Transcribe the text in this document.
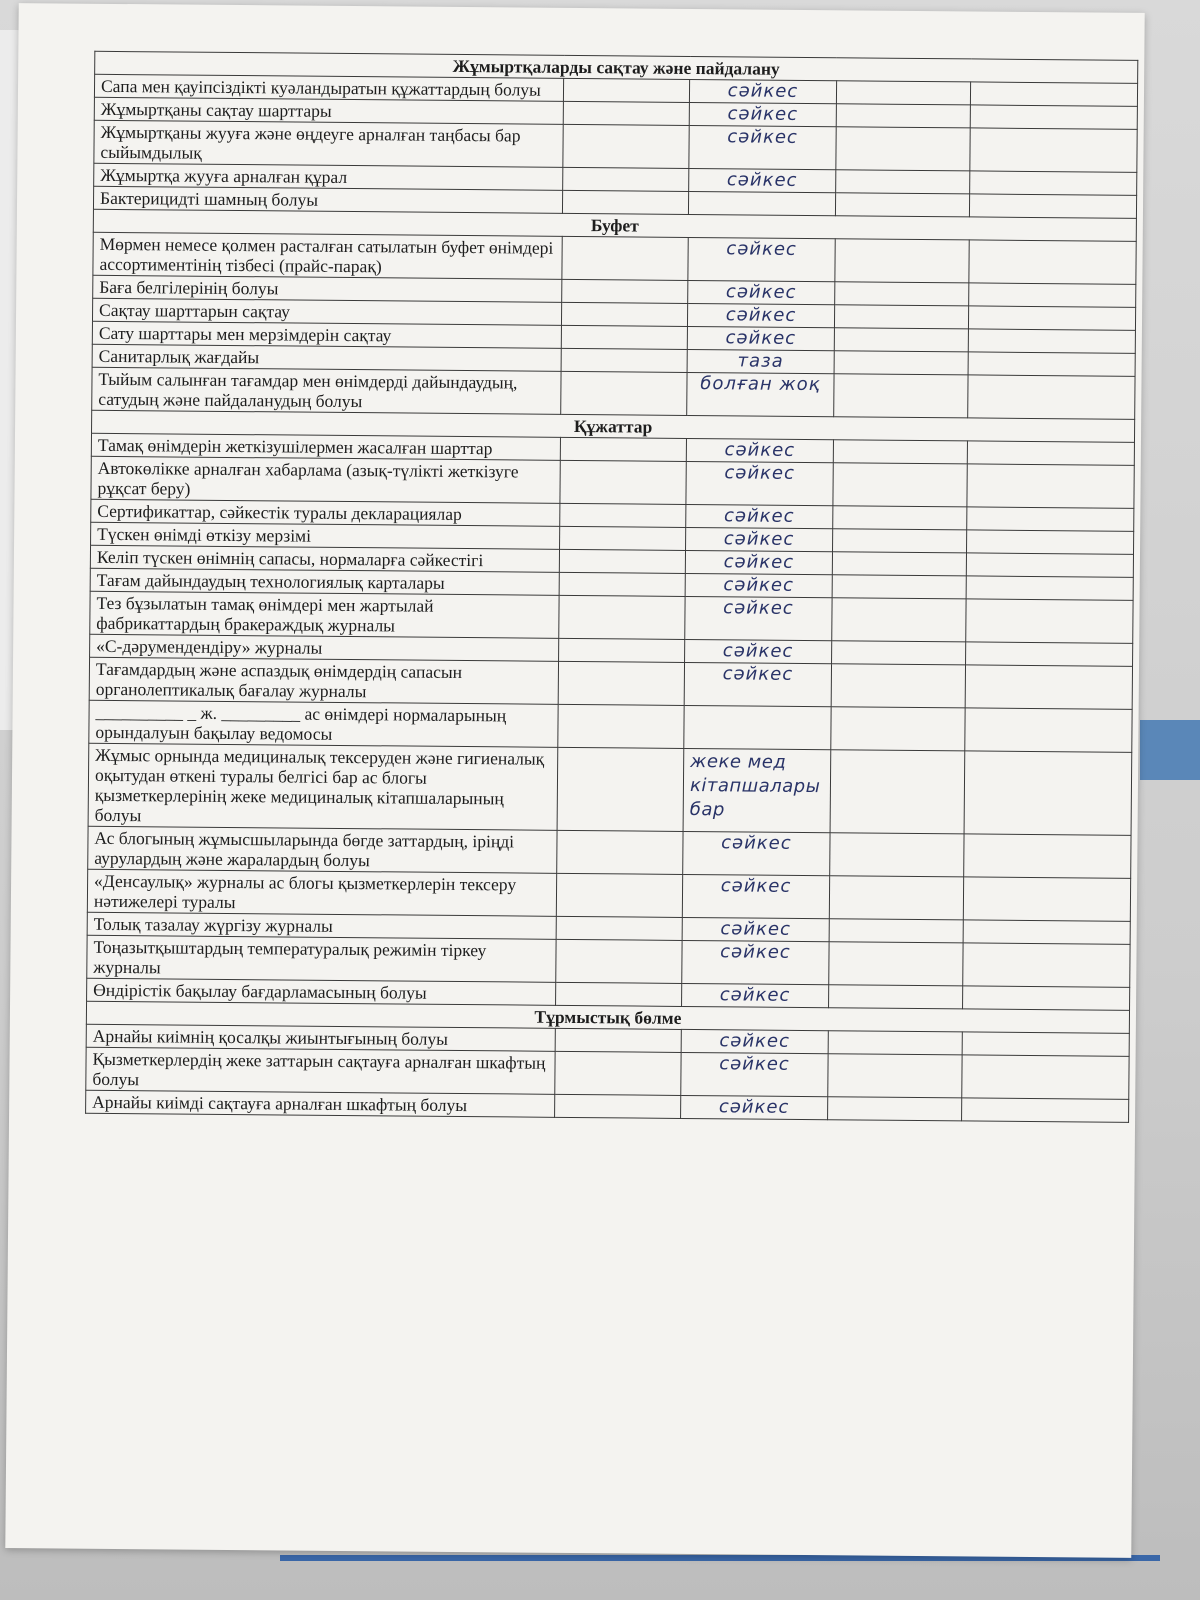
Жұмыртқаларды сақтау және пайдалану				
Сапа мен қауіпсіздікті куәландыратын құжаттардың болуы		сәйкес		

Жұмыртқаны сақтау шарттары		сәйкес		

Жұмыртқаны жууға және өңдеуге арналған таңбасы бар сыйымдылық		сәйкес		

Жұмыртқа жууға арналған құрал		сәйкес		

Бактерицидті шамның болуы		

Буфет				
Мөрмен немесе қолмен расталған сатылатын буфет өнімдері ассортиментінің тізбесі (прайс-парақ)		сәйкес		

Баға белгілерінің болуы		сәйкес		

Сақтау шарттарын сақтау		сәйкес		

Сату шарттары мен мерзімдерін сақтау		сәйкес		

Санитарлық жағдайы		таза		

Тыйым салынған тағамдар мен өнімдерді дайындаудың, сатудың және пайдаланудың болуы		болған жоқ		

Құжаттар				
Тамақ өнімдерін жеткізушілермен жасалған шарттар		сәйкес		

Автокөлікке арналған хабарлама (азық-түлікті жеткізуге рұқсат беру)		сәйкес		

Сертификаттар, сәйкестік туралы декларациялар		сәйкес		

Түскен өнімді өткізу мерзімі		сәйкес		

Келіп түскен өнімнің сапасы, нормаларға сәйкестігі		сәйкес		

Тағам дайындаудың технологиялық карталары		сәйкес		

Тез бұзылатын тамақ өнімдері мен жартылай фабрикаттардың бракераждық журналы		сәйкес		

«С-дәрумендендіру» журналы		сәйкес		

Тағамдардың және аспаздық өнімдердің сапасын органолептикалық бағалау журналы		сәйкес		

__________ _ ж. _________ ас өнімдері нормаларының орындалуын бақылау ведомосы		

Жұмыс орнында медициналық тексеруден және гигиеналық оқытудан өткені туралы белгісі бар ас блогы қызметкерлерінің жеке медициналық кітапшаларының болуы		жеке мед кітапшалары бар		

Ас блогының жұмысшыларында бөгде заттардың, іріңді аурулардың және жаралардың болуы		сәйкес		

«Денсаулық» журналы ас блогы қызметкерлерін тексеру нәтижелері туралы		сәйкес		

Толық тазалау жүргізу журналы		сәйкес		

Тоңазытқыштардың температуралық режимін тіркеу журналы		сәйкес		

Өндірістік бақылау бағдарламасының болуы		сәйкес		

Тұрмыстық бөлме				
Арнайы киімнің қосалқы жиынтығының болуы		сәйкес		

Қызметкерлердің жеке заттарын сақтауға арналған шкафтың болуы		сәйкес		

Арнайы киімді сақтауға арналған шкафтың болуы		сәйкес		
